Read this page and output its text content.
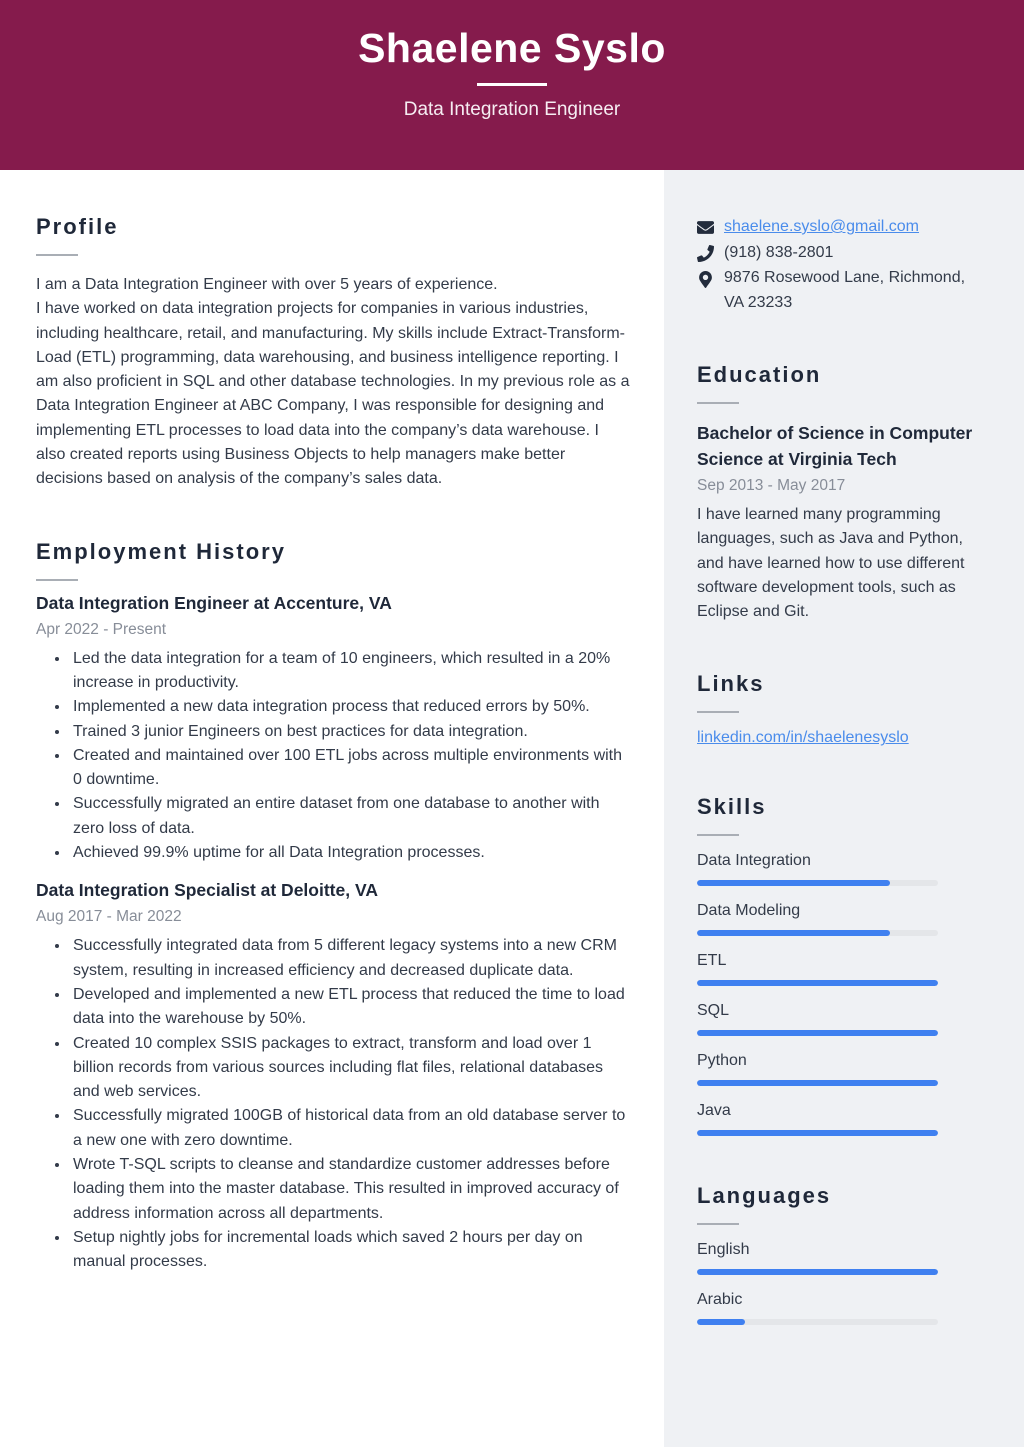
Shaelene Syslo
Data Integration Engineer
Profile

I am a Data Integration Engineer with over 5 years of experience.

I have worked on data integration projects for companies in various industries, including healthcare, retail, and manufacturing. My skills include Extract-Transform-Load (ETL) programming, data warehousing, and business intelligence reporting. I am also proficient in SQL and other database technologies. In my previous role as a Data Integration Engineer at ABC Company, I was responsible for designing and implementing ETL processes to load data into the company’s data warehouse. I also created reports using Business Objects to help managers make better decisions based on analysis of the company’s sales data.

Employment History
Data Integration Engineer at Accenture, VA
Apr 2022 - Present
Led the data integration for a team of 10 engineers, which resulted in a 20% increase in productivity.
Implemented a new data integration process that reduced errors by 50%.
Trained 3 junior Engineers on best practices for data integration.
Created and maintained over 100 ETL jobs across multiple environments with 0 downtime.
Successfully migrated an entire dataset from one database to another with zero loss of data.
Achieved 99.9% uptime for all Data Integration processes.
Data Integration Specialist at Deloitte, VA
Aug 2017 - Mar 2022
Successfully integrated data from 5 different legacy systems into a new CRM system, resulting in increased efficiency and decreased duplicate data.
Developed and implemented a new ETL process that reduced the time to load data into the warehouse by 50%.
Created 10 complex SSIS packages to extract, transform and load over 1 billion records from various sources including flat files, relational databases and web services.
Successfully migrated 100GB of historical data from an old database server to a new one with zero downtime.
Wrote T-SQL scripts to cleanse and standardize customer addresses before loading them into the master database. This resulted in improved accuracy of address information across all departments.
Setup nightly jobs for incremental loads which saved 2 hours per day on manual processes.
shaelene.syslo@gmail.com
(918) 838-2801
9876 Rosewood Lane, Richmond, VA 23233
Education
Bachelor of Science in Computer Science at Virginia Tech
Sep 2013 - May 2017
I have learned many programming languages, such as Java and Python, and have learned how to use different software development tools, such as Eclipse and Git.
Links
linkedin.com/in/shaelenesyslo
Skills
Data Integration
Data Modeling
ETL
SQL
Python
Java
Languages
English
Arabic
